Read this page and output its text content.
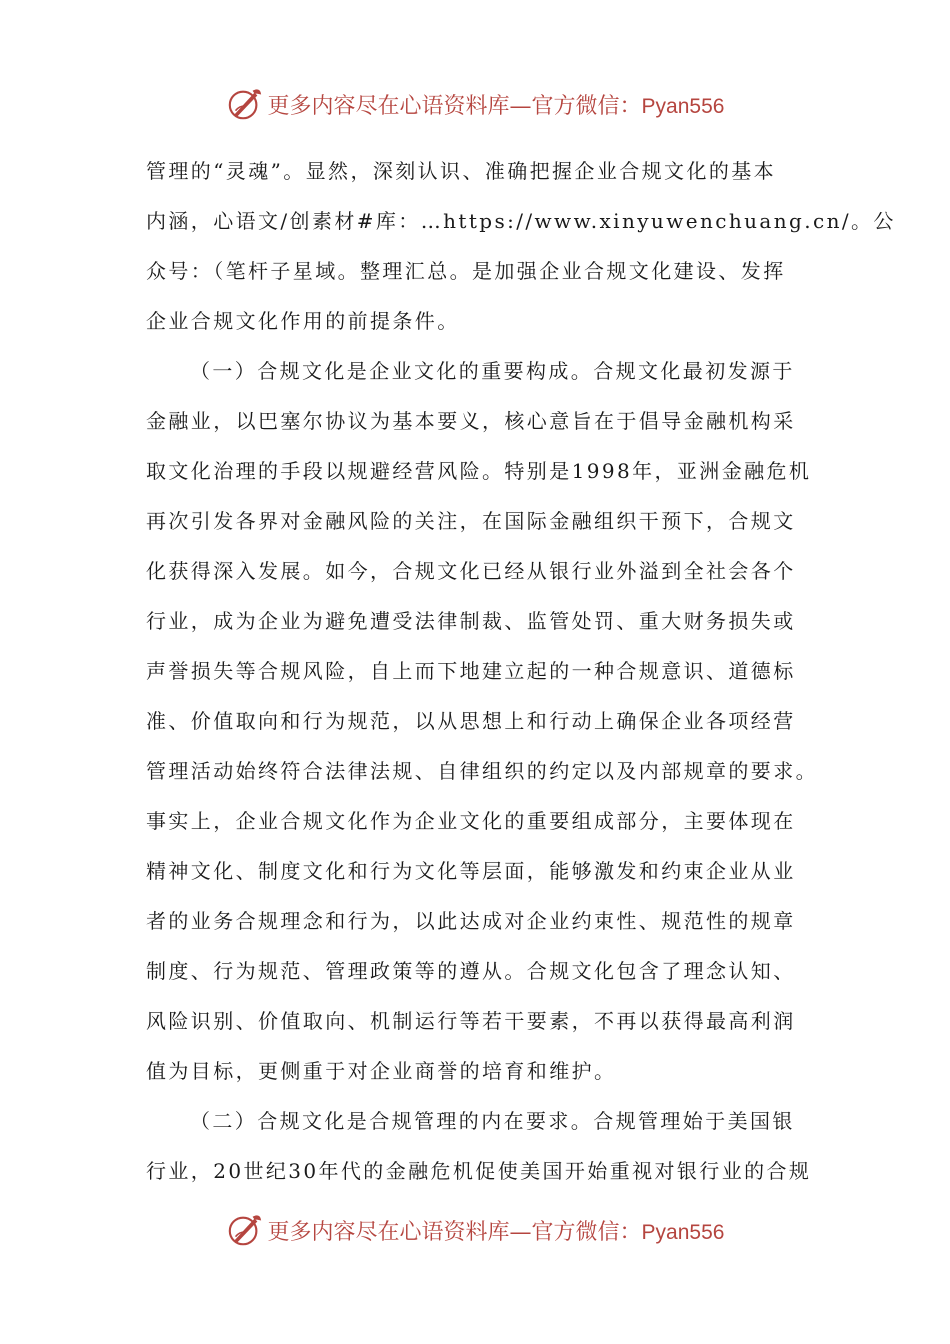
更多内容尽在心语资料库—官方微信：Pyan556
管理的“灵魂”。显然，深刻认识、准确把握企业合规文化的基本
内涵，心语文/创素材#库：…https://www.xinyuwenchuang.cn/。公
众号：（笔杆子星域。整理汇总。是加强企业合规文化建设、发挥
企业合规文化作用的前提条件。
（一）合规文化是企业文化的重要构成。合规文化最初发源于
金融业，以巴塞尔协议为基本要义，核心意旨在于倡导金融机构采
取文化治理的手段以规避经营风险。特别是1998年，亚洲金融危机
再次引发各界对金融风险的关注，在国际金融组织干预下，合规文
化获得深入发展。如今，合规文化已经从银行业外溢到全社会各个
行业，成为企业为避免遭受法律制裁、监管处罚、重大财务损失或
声誉损失等合规风险，自上而下地建立起的一种合规意识、道德标
准、价值取向和行为规范，以从思想上和行动上确保企业各项经营
管理活动始终符合法律法规、自律组织的约定以及内部规章的要求。
事实上，企业合规文化作为企业文化的重要组成部分，主要体现在
精神文化、制度文化和行为文化等层面，能够激发和约束企业从业
者的业务合规理念和行为，以此达成对企业约束性、规范性的规章
制度、行为规范、管理政策等的遵从。合规文化包含了理念认知、
风险识别、价值取向、机制运行等若干要素，不再以获得最高利润
值为目标，更侧重于对企业商誉的培育和维护。
（二）合规文化是合规管理的内在要求。合规管理始于美国银
行业，20世纪30年代的金融危机促使美国开始重视对银行业的合规
更多内容尽在心语资料库—官方微信：Pyan556
